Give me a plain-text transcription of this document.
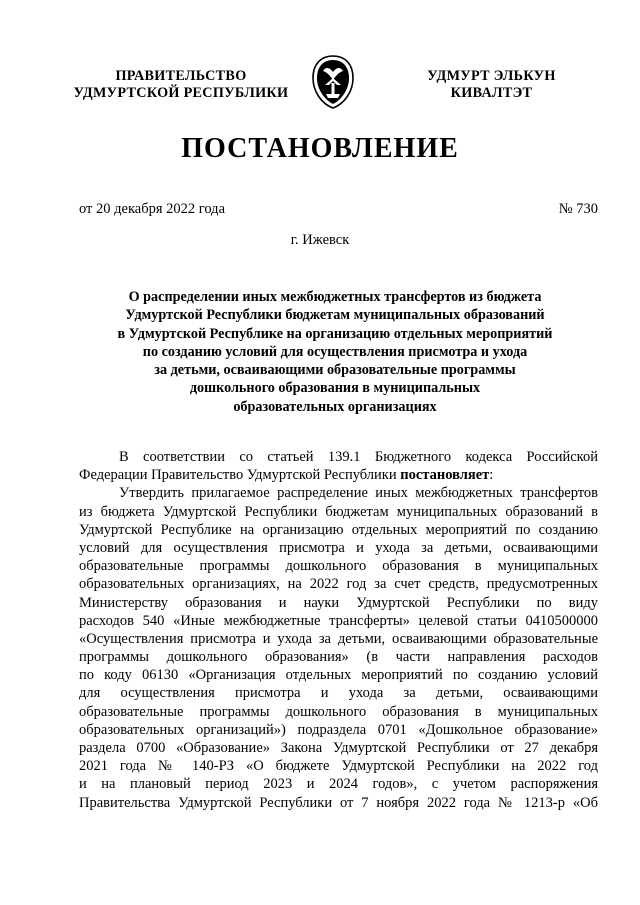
ПРАВИТЕЛЬСТВО
УДМУРТСКОЙ РЕСПУБЛИКИ
УДМУРТ ЭЛЬКУН
КИВАЛТЭТ
ПОСТАНОВЛЕНИЕ
от 20 декабря 2022 года	№ 730
г. Ижевск
О распределении иных межбюджетных трансфертов из бюджета
Удмуртской Республики бюджетам муниципальных образований
в Удмуртской Республике на организацию отдельных мероприятий
по созданию условий для осуществления присмотра и ухода
за детьми, осваивающими образовательные программы
дошкольного образования в муниципальных
образовательных организациях
В соответствии со статьей 139.1 Бюджетного кодекса Российской
Федерации Правительство Удмуртской Республики постановляет:
Утвердить прилагаемое распределение иных межбюджетных трансфертов
из бюджета Удмуртской Республики бюджетам муниципальных образований в
Удмуртской Республике на организацию отдельных мероприятий по созданию
условий для осуществления присмотра и ухода за детьми, осваивающими
образовательные программы дошкольного образования в муниципальных
образовательных организациях, на 2022 год за счет средств, предусмотренных
Министерству образования и науки Удмуртской Республики по виду
расходов 540 «Иные межбюджетные трансферты» целевой статьи 0410500000
«Осуществления присмотра и ухода за детьми, осваивающими образовательные
программы дошкольного образования» (в части направления расходов
по коду 06130 «Организация отдельных мероприятий по созданию условий
для осуществления присмотра и ухода за детьми, осваивающими
образовательные программы дошкольного образования в муниципальных
образовательных организаций») подраздела 0701 «Дошкольное образование»
раздела 0700 «Образование» Закона Удмуртской Республики от 27 декабря
2021 года № 140-РЗ «О бюджете Удмуртской Республики на 2022 год
и на плановый период 2023 и 2024 годов», с учетом распоряжения
Правительства Удмуртской Республики от 7 ноября 2022 года № 1213-р «Об
